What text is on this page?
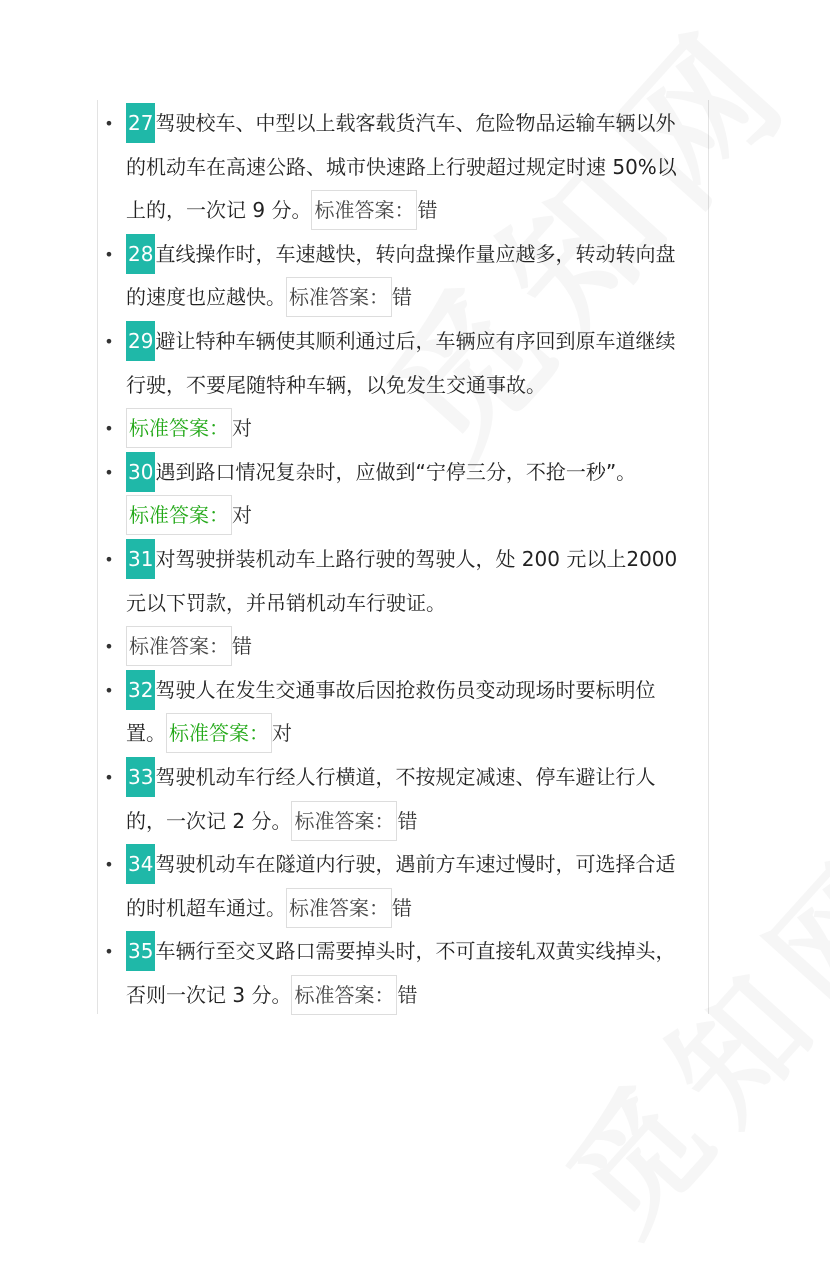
• 27 驾驶校车、中型以上载客载货汽车、危险物品运输车辆以外的机动车在高速公路、城市快速路上行驶超过规定时速 50%以上的，一次记 9 分。 标准答案： 错
• 28 直线操作时，车速越快，转向盘操作量应越多，转动转向盘的速度也应越快。 标准答案： 错
• 29 避让特种车辆使其顺利通过后，车辆应有序回到原车道继续行驶，不要尾随特种车辆，以免发生交通事故。
• 标准答案： 对
• 30 遇到路口情况复杂时，应做到“宁停三分，不抢一秒”。标准答案： 对
• 31 对驾驶拼装机动车上路行驶的驾驶人，处 200 元以上2000 元以下罚款，并吊销机动车行驶证。
• 标准答案： 错
• 32 驾驶人在发生交通事故后因抢救伤员变动现场时要标明位置。 标准答案： 对
• 33 驾驶机动车行经人行横道，不按规定减速、停车避让行人的，一次记 2 分。 标准答案： 错
• 34 驾驶机动车在隧道内行驶，遇前方车速过慢时，可选择合适的时机超车通过。 标准答案： 错
• 35 车辆行至交叉路口需要掉头时，不可直接轧双黄实线掉头，否则一次记 3 分。 标准答案： 错
